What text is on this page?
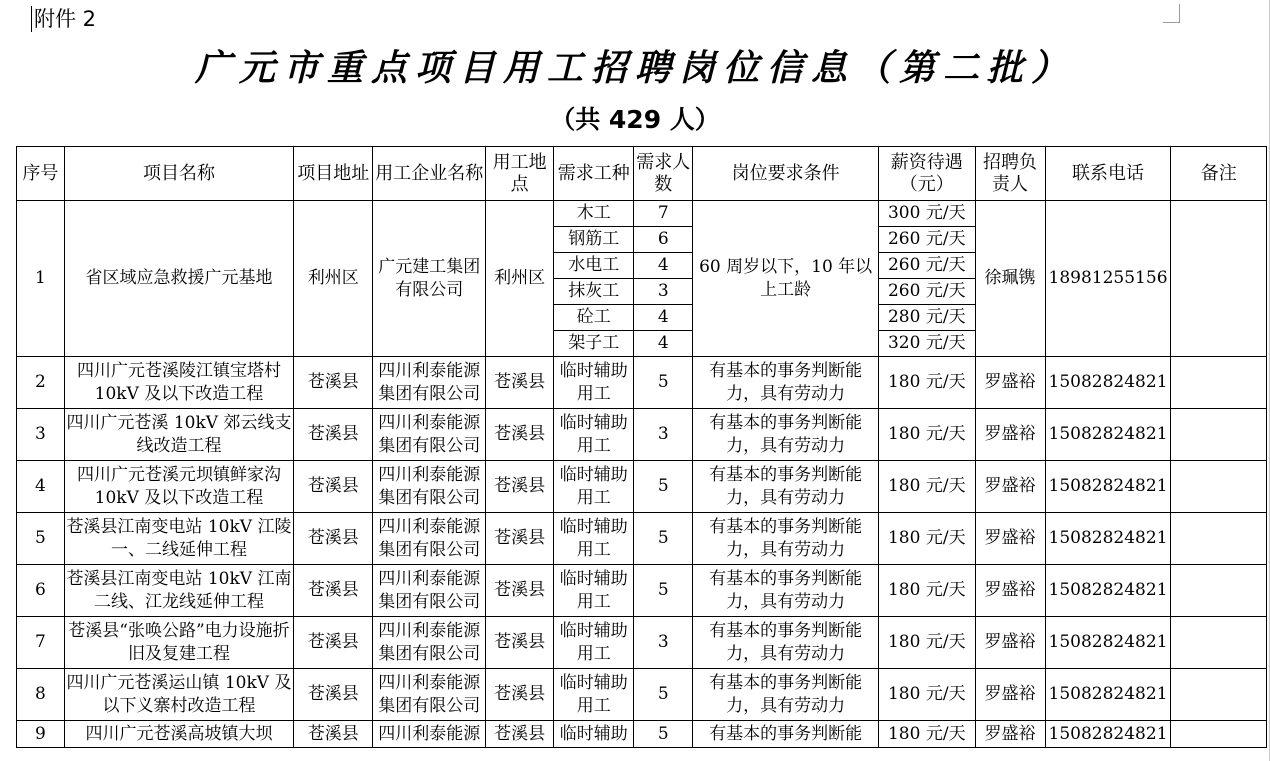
附件 2
广元市重点项目用工招聘岗位信息（第二批）
（共 429 人）
序号	项目名称	项目地址	用工企业名称	用工地点	需求工种	需求人数	岗位要求条件	薪资待遇（元）	招聘负责人	联系电话	备注
1	省区域应急救援广元基地	利州区	广元建工集团有限公司	利州区	木工	7	60 周岁以下，10 年以上工龄	300 元/天	徐珮镌	18981255156	
					钢筋工	6		260 元/天			
					水电工	4		260 元/天			
					抹灰工	3		260 元/天			
					砼工	4		280 元/天			
					架子工	4		320 元/天			
2	四川广元苍溪陵江镇宝塔村 10kV 及以下改造工程	苍溪县	四川利泰能源集团有限公司	苍溪县	临时辅助用工	5	有基本的事务判断能力，具有劳动力	180 元/天	罗盛裕	15082824821	
3	四川广元苍溪 10kV 郊云线支线改造工程	苍溪县	四川利泰能源集团有限公司	苍溪县	临时辅助用工	3	有基本的事务判断能力，具有劳动力	180 元/天	罗盛裕	15082824821	
4	四川广元苍溪元坝镇鲜家沟 10kV 及以下改造工程	苍溪县	四川利泰能源集团有限公司	苍溪县	临时辅助用工	5	有基本的事务判断能力，具有劳动力	180 元/天	罗盛裕	15082824821	
5	苍溪县江南变电站 10kV 江陵一、二线延伸工程	苍溪县	四川利泰能源集团有限公司	苍溪县	临时辅助用工	5	有基本的事务判断能力，具有劳动力	180 元/天	罗盛裕	15082824821	
6	苍溪县江南变电站 10kV 江南二线、江龙线延伸工程	苍溪县	四川利泰能源集团有限公司	苍溪县	临时辅助用工	5	有基本的事务判断能力，具有劳动力	180 元/天	罗盛裕	15082824821	
7	苍溪县“张唤公路”电力设施折旧及复建工程	苍溪县	四川利泰能源集团有限公司	苍溪县	临时辅助用工	3	有基本的事务判断能力，具有劳动力	180 元/天	罗盛裕	15082824821	
8	四川广元苍溪运山镇 10kV 及以下义寨村改造工程	苍溪县	四川利泰能源集团有限公司	苍溪县	临时辅助用工	5	有基本的事务判断能力，具有劳动力	180 元/天	罗盛裕	15082824821	

9	四川广元苍溪高坡镇大坝	苍溪县	四川利泰能源	苍溪县	临时辅助	5	有基本的事务判断能	180 元/天	罗盛裕	15082824821	
